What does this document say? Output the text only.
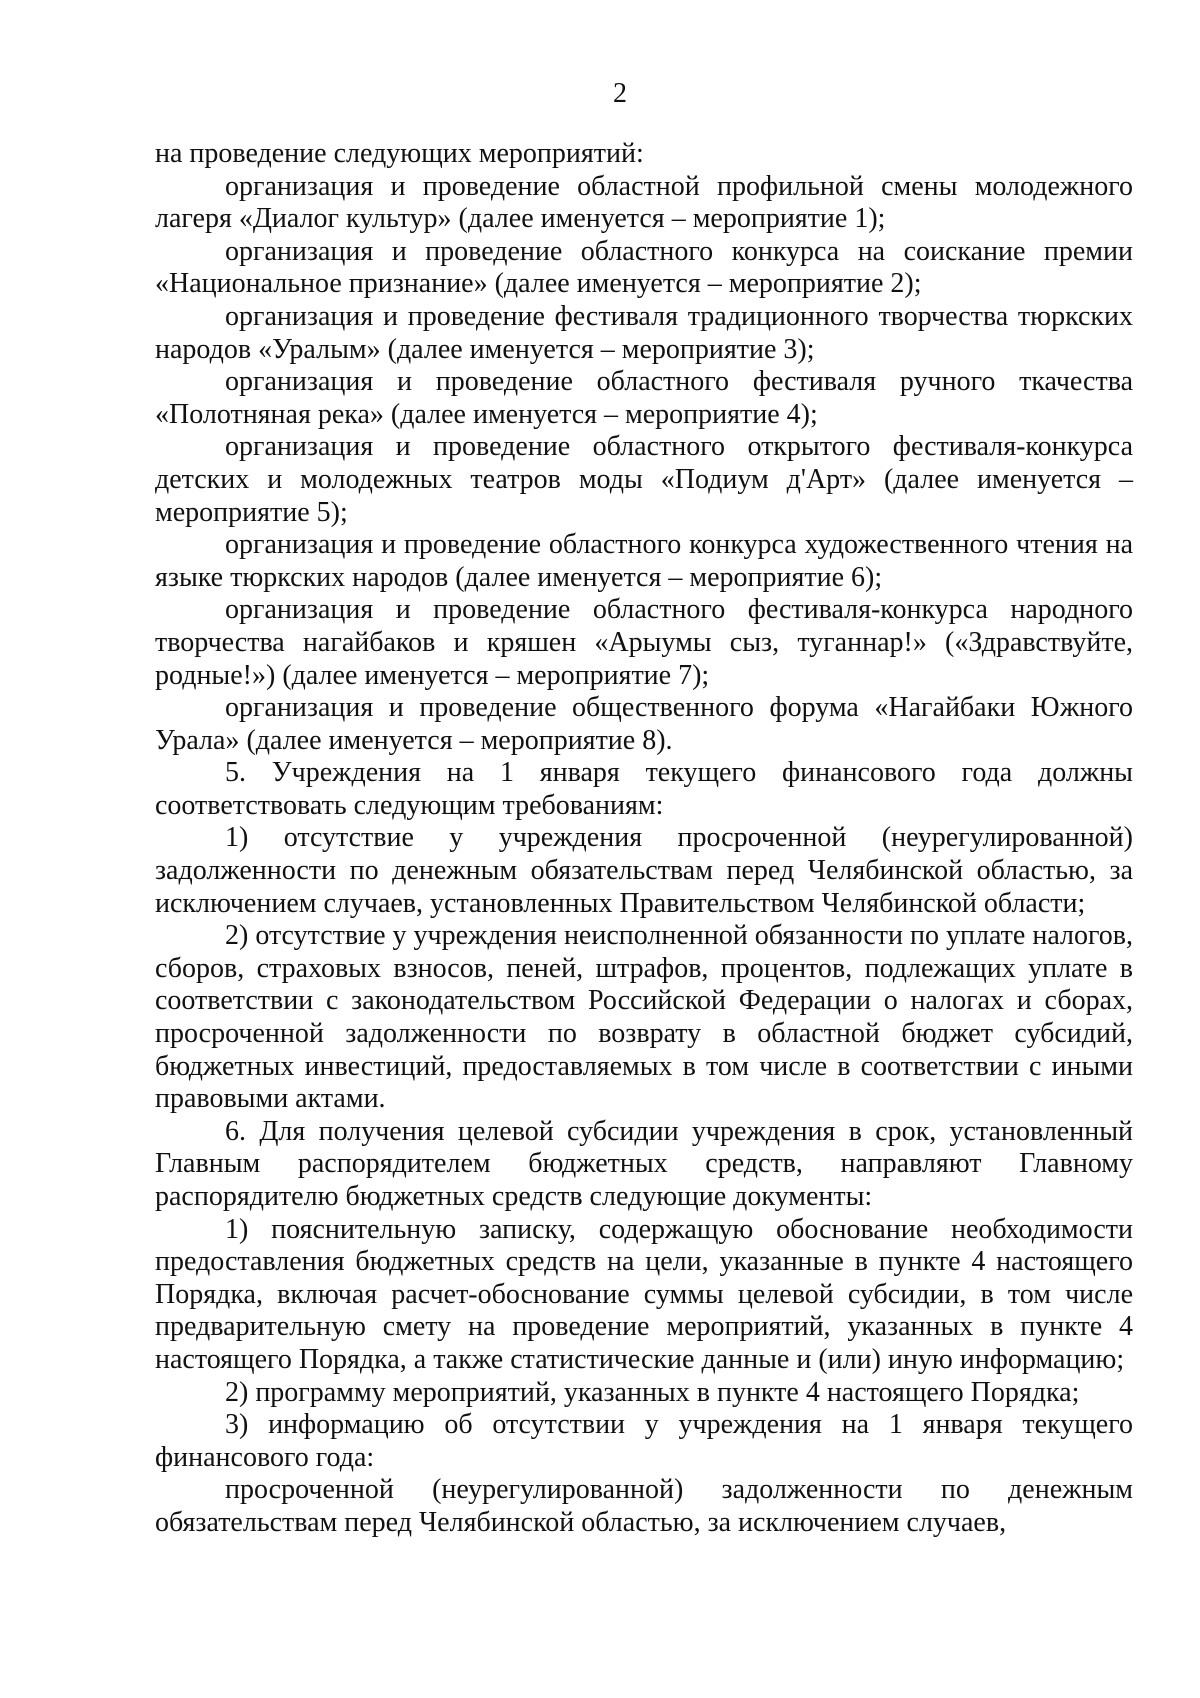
2

на проведение следующих мероприятий:

организация и проведение областной профильной смены молодежного лагеря «Диалог культур» (далее именуется – мероприятие 1);

организация и проведение областного конкурса на соискание премии «Национальное признание» (далее именуется – мероприятие 2);

организация и проведение фестиваля традиционного творчества тюркских народов «Уралым» (далее именуется – мероприятие 3);

организация и проведение областного фестиваля ручного ткачества «Полотняная река» (далее именуется – мероприятие 4);

организация и проведение областного открытого фестиваля-конкурса детских и молодежных театров моды «Подиум д'Арт» (далее именуется – мероприятие 5);

организация и проведение областного конкурса художественного чтения на языке тюркских народов (далее именуется – мероприятие 6);

организация и проведение областного фестиваля-конкурса народного творчества нагайбаков и кряшен «Арыумы сыз, туганнар!» («Здравствуйте, родные!») (далее именуется – мероприятие 7);

организация и проведение общественного форума «Нагайбаки Южного Урала» (далее именуется – мероприятие 8).

5. Учреждения на 1 января текущего финансового года должны соответствовать следующим требованиям:

1) отсутствие у учреждения просроченной (неурегулированной) задолженности по денежным обязательствам перед Челябинской областью, за исключением случаев, установленных Правительством Челябинской области;

2) отсутствие у учреждения неисполненной обязанности по уплате налогов, сборов, страховых взносов, пеней, штрафов, процентов, подлежащих уплате в соответствии с законодательством Российской Федерации о налогах и сборах, просроченной задолженности по возврату в областной бюджет субсидий, бюджетных инвестиций, предоставляемых в том числе в соответствии с иными правовыми актами.

6. Для получения целевой субсидии учреждения в срок, установленный Главным распорядителем бюджетных средств, направляют Главному распорядителю бюджетных средств следующие документы:

1) пояснительную записку, содержащую обоснование необходимости предоставления бюджетных средств на цели, указанные в пункте 4 настоящего Порядка, включая расчет-обоснование суммы целевой субсидии, в том числе предварительную смету на проведение мероприятий, указанных в пункте 4 настоящего Порядка, а также статистические данные и (или) иную информацию;

2) программу мероприятий, указанных в пункте 4 настоящего Порядка;

3) информацию об отсутствии у учреждения на 1 января текущего финансового года:

просроченной (неурегулированной) задолженности по денежным обязательствам перед Челябинской областью, за исключением случаев,
